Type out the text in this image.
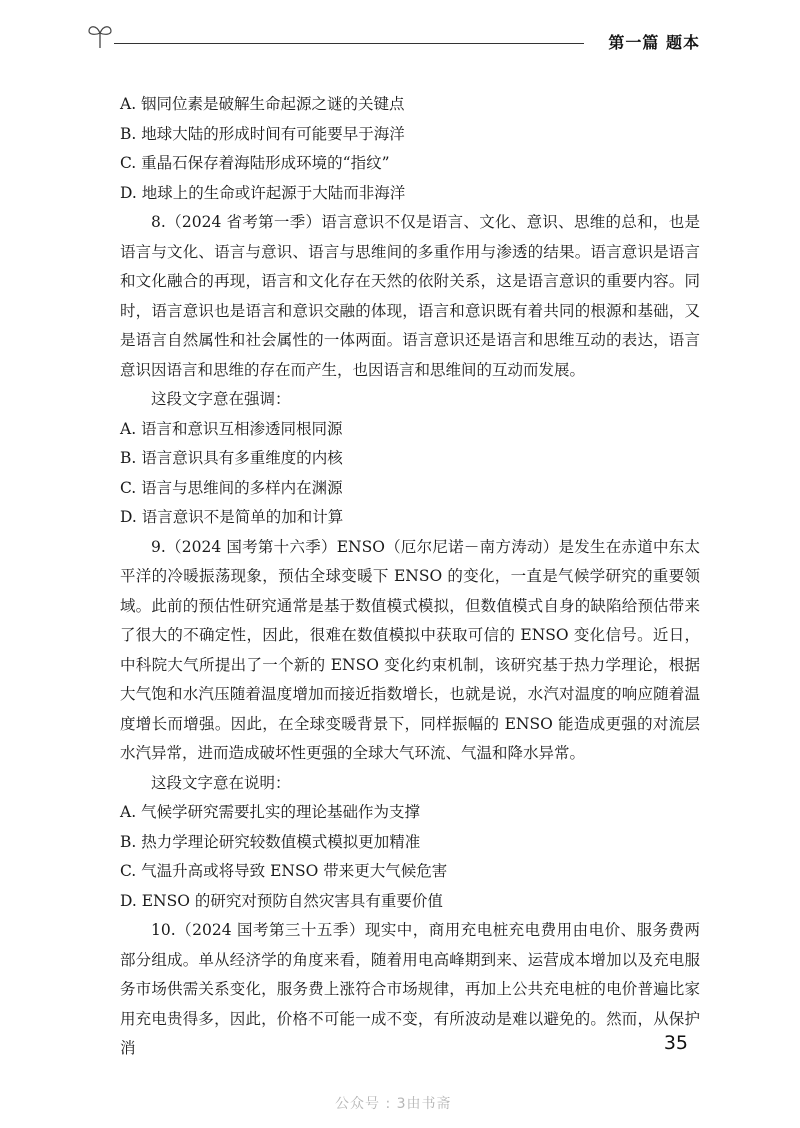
第一篇 题本

A. 铟同位素是破解生命起源之谜的关键点

B. 地球大陆的形成时间有可能要早于海洋

C. 重晶石保存着海陆形成环境的“指纹”

D. 地球上的生命或许起源于大陆而非海洋

8.（2024 省考第一季）语言意识不仅是语言、文化、意识、思维的总和，也是语言与文化、语言与意识、语言与思维间的多重作用与渗透的结果。语言意识是语言和文化融合的再现，语言和文化存在天然的依附关系，这是语言意识的重要内容。同时，语言意识也是语言和意识交融的体现，语言和意识既有着共同的根源和基础，又是语言自然属性和社会属性的一体两面。语言意识还是语言和思维互动的表达，语言意识因语言和思维的存在而产生，也因语言和思维间的互动而发展。

这段文字意在强调：

A. 语言和意识互相渗透同根同源

B. 语言意识具有多重维度的内核

C. 语言与思维间的多样内在渊源

D. 语言意识不是简单的加和计算

9.（2024 国考第十六季）ENSO（厄尔尼诺－南方涛动）是发生在赤道中东太平洋的冷暖振荡现象，预估全球变暖下 ENSO 的变化，一直是气候学研究的重要领域。此前的预估性研究通常是基于数值模式模拟，但数值模式自身的缺陷给预估带来了很大的不确定性，因此，很难在数值模拟中获取可信的 ENSO 变化信号。近日，中科院大气所提出了一个新的 ENSO 变化约束机制，该研究基于热力学理论，根据大气饱和水汽压随着温度增加而接近指数增长，也就是说，水汽对温度的响应随着温度增长而增强。因此，在全球变暖背景下，同样振幅的 ENSO 能造成更强的对流层水汽异常，进而造成破坏性更强的全球大气环流、气温和降水异常。

这段文字意在说明：

A. 气候学研究需要扎实的理论基础作为支撑

B. 热力学理论研究较数值模式模拟更加精准

C. 气温升高或将导致 ENSO 带来更大气候危害

D. ENSO 的研究对预防自然灾害具有重要价值

10.（2024 国考第三十五季）现实中，商用充电桩充电费用由电价、服务费两部分组成。单从经济学的角度来看，随着用电高峰期到来、运营成本增加以及充电服务市场供需关系变化，服务费上涨符合市场规律，再加上公共充电桩的电价普遍比家用充电贵得多，因此，价格不可能一成不变，有所波动是难以避免的。然而，从保护消	35
公众号 : 3由书斋
